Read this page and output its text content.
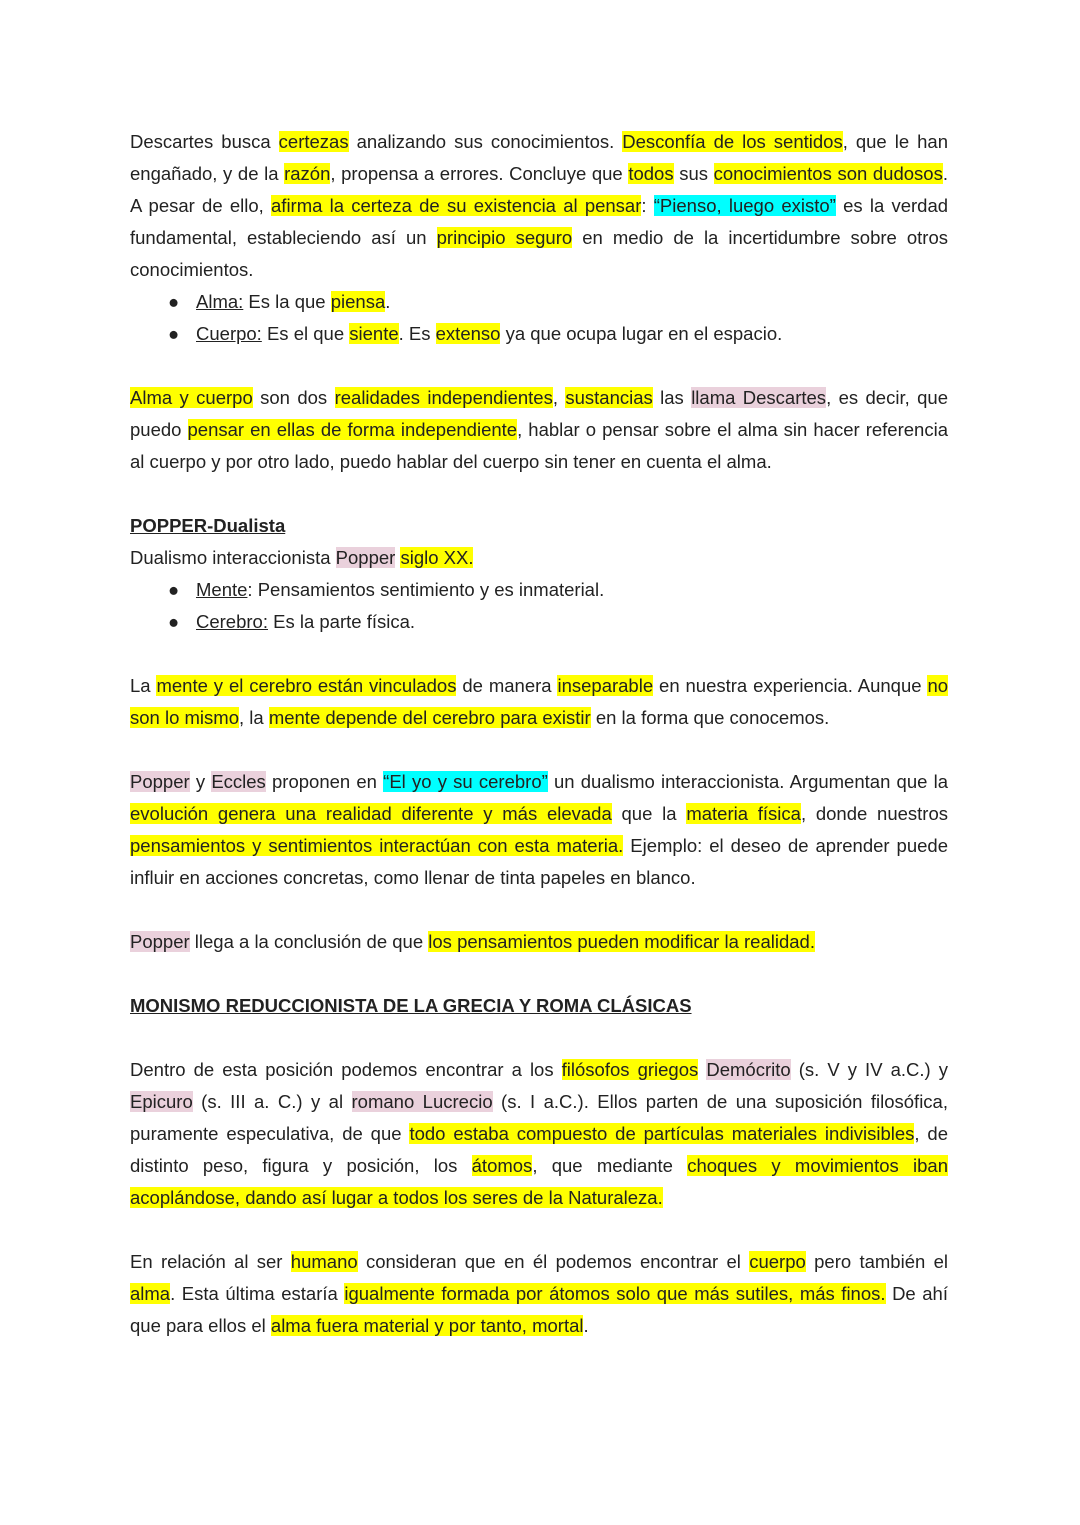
Descartes busca certezas analizando sus conocimientos. Desconfía de los sentidos, que le han engañado, y de la razón, propensa a errores. Concluye que todos sus conocimientos son dudosos. A pesar de ello, afirma la certeza de su existencia al pensar: “Pienso, luego existo” es la verdad fundamental, estableciendo así un principio seguro en medio de la incertidumbre sobre otros conocimientos.
● Alma: Es la que piensa.
● Cuerpo: Es el que siente. Es extenso ya que ocupa lugar en el espacio.
Alma y cuerpo son dos realidades independientes, sustancias las llama Descartes, es decir, que puedo pensar en ellas de forma independiente, hablar o pensar sobre el alma sin hacer referencia al cuerpo y por otro lado, puedo hablar del cuerpo sin tener en cuenta el alma.
POPPER-Dualista
Dualismo interaccionista Popper siglo XX.
● Mente: Pensamientos sentimiento y es inmaterial.
● Cerebro: Es la parte física.
La mente y el cerebro están vinculados de manera inseparable en nuestra experiencia. Aunque no son lo mismo, la mente depende del cerebro para existir en la forma que conocemos.
Popper y Eccles proponen en “El yo y su cerebro” un dualismo interaccionista. Argumentan que la evolución genera una realidad diferente y más elevada que la materia física, donde nuestros pensamientos y sentimientos interactúan con esta materia. Ejemplo: el deseo de aprender puede influir en acciones concretas, como llenar de tinta papeles en blanco.
Popper llega a la conclusión de que los pensamientos pueden modificar la realidad.
MONISMO REDUCCIONISTA DE LA GRECIA Y ROMA CLÁSICAS
Dentro de esta posición podemos encontrar a los filósofos griegos Demócrito (s. V y IV a.C.) y Epicuro (s. III a. C.) y al romano Lucrecio (s. I a.C.). Ellos parten de una suposición filosófica, puramente especulativa, de que todo estaba compuesto de partículas materiales indivisibles, de distinto peso, figura y posición, los átomos, que mediante choques y movimientos iban acoplándose, dando así lugar a todos los seres de la Naturaleza.
En relación al ser humano consideran que en él podemos encontrar el cuerpo pero también el alma. Esta última estaría igualmente formada por átomos solo que más sutiles, más finos. De ahí que para ellos el alma fuera material y por tanto, mortal.
